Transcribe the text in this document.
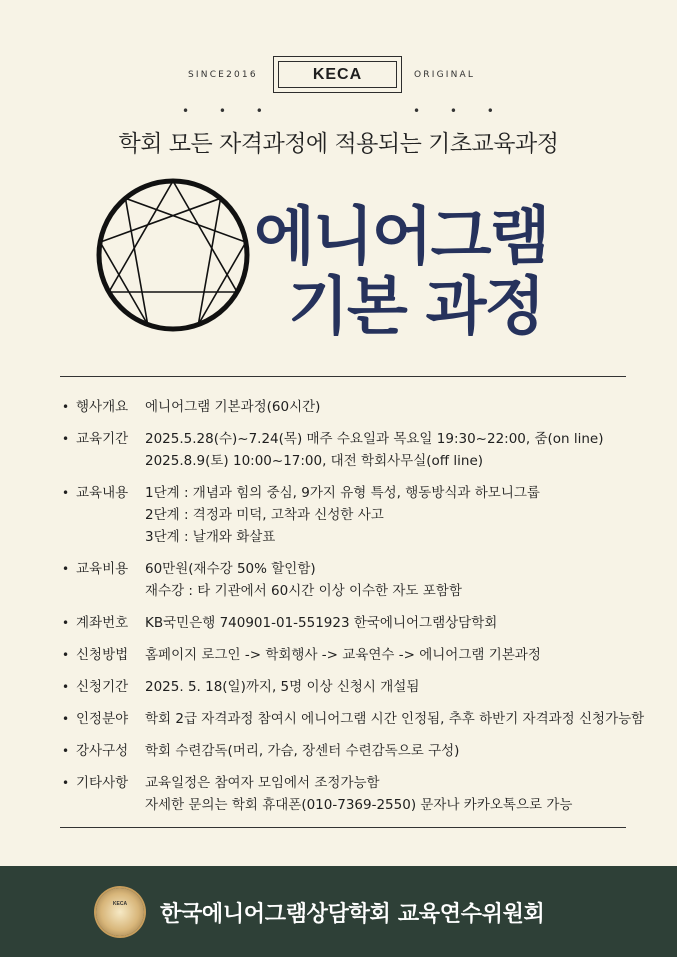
SINCE2016	KECA	ORIGINAL
• • •	• • •
학회 모든 자격과정에 적용되는 기초교육과정
에니어그램
기본 과정
• 행사개요	에니어그램 기본과정(60시간)
• 교육기간	2025.5.28(수)~7.24(목) 매주 수요일과 목요일 19:30~22:00, 줌(on line)
2025.8.9(토) 10:00~17:00, 대전 학회사무실(off line)
• 교육내용	1단계 : 개념과 힘의 중심, 9가지 유형 특성, 행동방식과 하모니그룹
2단계 : 격정과 미덕, 고착과 신성한 사고
3단계 : 날개와 화살표
• 교육비용	60만원(재수강 50% 할인함)
재수강 : 타 기관에서 60시간 이상 이수한 자도 포함함
• 계좌번호	KB국민은행 740901-01-551923 한국에니어그램상담학회
• 신청방법	홈페이지 로그인 -> 학회행사 -> 교육연수 -> 에니어그램 기본과정
• 신청기간	2025. 5. 18(일)까지, 5명 이상 신청시 개설됨
• 인정분야	학회 2급 자격과정 참여시 에니어그램 시간 인정됨, 추후 하반기 자격과정 신청가능함
• 강사구성	학회 수련감독(머리, 가슴, 장센터 수련감독으로 구성)
• 기타사항	교육일정은 참여자 모임에서 조정가능함
자세한 문의는 학회 휴대폰(010-7369-2550) 문자나 카카오톡으로 가능
KECA	한국에니어그램상담학회 교육연수위원회
